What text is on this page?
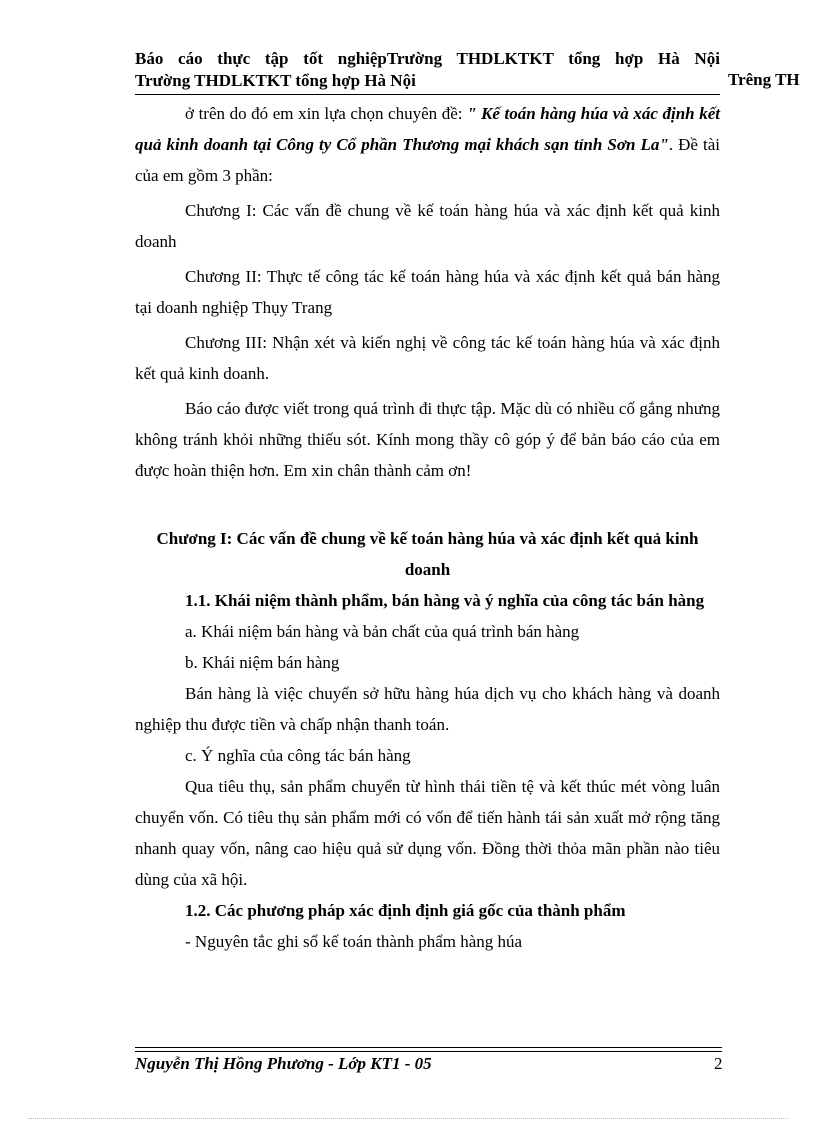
Báo cáo thực tập tốt nghiệpTrường THDLKTKT tổng hợp Hà Nội
Trường THDLKTKT tổng hợp Hà Nội	Trêng TH

ở trên do đó em xin lựa chọn chuyên đề: " Kế toán hàng húa và xác định kết quả kinh doanh tại Công ty Cổ phần Thương mại khách sạn tỉnh Sơn La". Đề tài của em gồm 3 phần:

Chương I: Các vấn đề chung về kế toán hàng húa và xác định kết quả kinh doanh

Chương II: Thực tế công tác kế toán hàng húa và xác định kết quả bán hàng tại doanh nghiệp Thụy Trang

Chương III: Nhận xét và kiến nghị về công tác kế toán hàng húa và xác định kết quả kinh doanh.

Báo cáo được viết trong quá trình đi thực tập. Mặc dù có nhiều cố gắng nhưng không tránh khỏi những thiếu sót. Kính mong thầy cô góp ý để bản báo cáo của em được hoàn thiện hơn. Em xin chân thành cảm ơn!

Chương I: Các vấn đề chung về kế toán hàng húa và xác định kết quả kinh doanh

1.1. Khái niệm thành phẩm, bán hàng và ý nghĩa của công tác bán hàng

a. Khái niệm bán hàng và bản chất của quá trình bán hàng

b. Khái niệm bán hàng

Bán hàng là việc chuyển sở hữu hàng húa dịch vụ cho khách hàng và doanh nghiệp thu được tiền và chấp nhận thanh toán.

c. Ý nghĩa của công tác bán hàng

Qua tiêu thụ, sản phẩm chuyển từ hình thái tiền tệ và kết thúc mét vòng luân chuyển vốn. Có tiêu thụ sản phẩm mới có vốn để tiến hành tái sản xuất mở rộng tăng nhanh quay vốn, nâng cao hiệu quả sử dụng vốn. Đồng thời thỏa mãn phần nào tiêu dùng của xã hội.

1.2. Các phương pháp xác định định giá gốc của thành phẩm

- Nguyên tắc ghi sổ kế toán thành phẩm hàng húa

Nguyễn Thị Hồng Phương - Lớp KT1 - 05	2
